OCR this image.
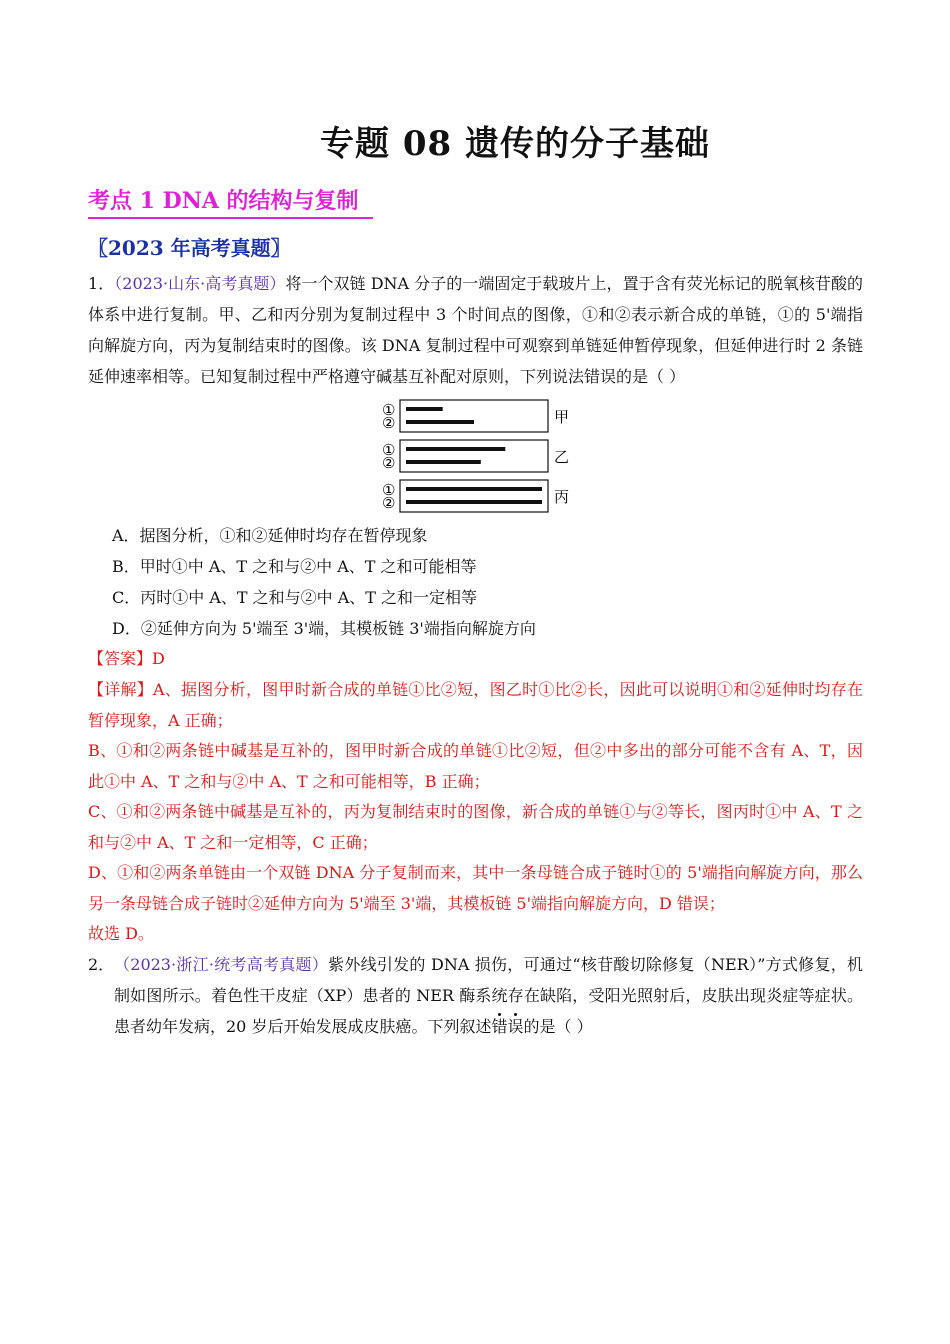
专题 08 遗传的分子基础
考点 1 DNA 的结构与复制
〖2023 年高考真题〗
1．（2023·山东·高考真题）将一个双链 DNA 分子的一端固定于载玻片上，置于含有荧光标记的脱氧核苷酸的体系中进行复制。甲、乙和丙分别为复制过程中 3 个时间点的图像，①和②表示新合成的单链，①的 5'端指向解旋方向，丙为复制结束时的图像。该 DNA 复制过程中可观察到单链延伸暂停现象，但延伸进行时 2 条链延伸速率相等。已知复制过程中严格遵守碱基互补配对原则，下列说法错误的是（ ）
①
②	甲
①
②	乙
①
②	丙
A．据图分析，①和②延伸时均存在暂停现象
B．甲时①中 A、T 之和与②中 A、T 之和可能相等
C．丙时①中 A、T 之和与②中 A、T 之和一定相等
D．②延伸方向为 5'端至 3'端，其模板链 3'端指向解旋方向
【答案】D
【详解】A、据图分析，图甲时新合成的单链①比②短，图乙时①比②长，因此可以说明①和②延伸时均存在暂停现象，A 正确；
B、①和②两条链中碱基是互补的，图甲时新合成的单链①比②短，但②中多出的部分可能不含有 A、T，因此①中 A、T 之和与②中 A、T 之和可能相等，B 正确；
C、①和②两条链中碱基是互补的，丙为复制结束时的图像，新合成的单链①与②等长，图丙时①中 A、T 之和与②中 A、T 之和一定相等，C 正确；
D、①和②两条单链由一个双链 DNA 分子复制而来，其中一条母链合成子链时①的 5'端指向解旋方向，那么另一条母链合成子链时②延伸方向为 5'端至 3'端，其模板链 5'端指向解旋方向，D 错误；
故选 D。
2． （2023·浙江·统考高考真题）紫外线引发的 DNA 损伤，可通过“核苷酸切除修复（NER）”方式修复，机制如图所示。着色性干皮症（XP）患者的 NER 酶系统存在缺陷，受阳光照射后，皮肤出现炎症等症状。患者幼年发病，20 岁后开始发展成皮肤癌。下列叙述错误的是（ ）
